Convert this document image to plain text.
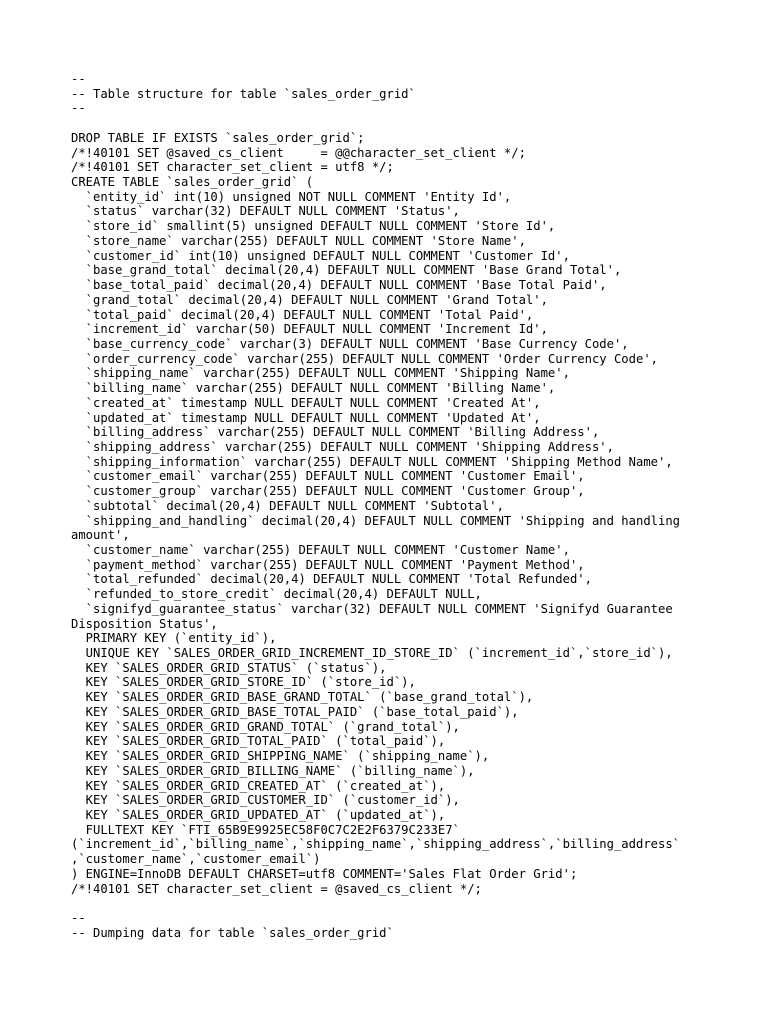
--
-- Table structure for table `sales_order_grid`
--
DROP TABLE IF EXISTS `sales_order_grid`;
/*!40101 SET @saved_cs_client     = @@character_set_client */;
/*!40101 SET character_set_client = utf8 */;
CREATE TABLE `sales_order_grid` (
`entity_id` int(10) unsigned NOT NULL COMMENT 'Entity Id',
`status` varchar(32) DEFAULT NULL COMMENT 'Status',
`store_id` smallint(5) unsigned DEFAULT NULL COMMENT 'Store Id',
`store_name` varchar(255) DEFAULT NULL COMMENT 'Store Name',
`customer_id` int(10) unsigned DEFAULT NULL COMMENT 'Customer Id',
`base_grand_total` decimal(20,4) DEFAULT NULL COMMENT 'Base Grand Total',
`base_total_paid` decimal(20,4) DEFAULT NULL COMMENT 'Base Total Paid',
`grand_total` decimal(20,4) DEFAULT NULL COMMENT 'Grand Total',
`total_paid` decimal(20,4) DEFAULT NULL COMMENT 'Total Paid',
`increment_id` varchar(50) DEFAULT NULL COMMENT 'Increment Id',
`base_currency_code` varchar(3) DEFAULT NULL COMMENT 'Base Currency Code',
`order_currency_code` varchar(255) DEFAULT NULL COMMENT 'Order Currency Code',
`shipping_name` varchar(255) DEFAULT NULL COMMENT 'Shipping Name',
`billing_name` varchar(255) DEFAULT NULL COMMENT 'Billing Name',
`created_at` timestamp NULL DEFAULT NULL COMMENT 'Created At',
`updated_at` timestamp NULL DEFAULT NULL COMMENT 'Updated At',
`billing_address` varchar(255) DEFAULT NULL COMMENT 'Billing Address',
`shipping_address` varchar(255) DEFAULT NULL COMMENT 'Shipping Address',
`shipping_information` varchar(255) DEFAULT NULL COMMENT 'Shipping Method Name',
`customer_email` varchar(255) DEFAULT NULL COMMENT 'Customer Email',
`customer_group` varchar(255) DEFAULT NULL COMMENT 'Customer Group',
`subtotal` decimal(20,4) DEFAULT NULL COMMENT 'Subtotal',
`shipping_and_handling` decimal(20,4) DEFAULT NULL COMMENT 'Shipping and handling
amount',
`customer_name` varchar(255) DEFAULT NULL COMMENT 'Customer Name',
`payment_method` varchar(255) DEFAULT NULL COMMENT 'Payment Method',
`total_refunded` decimal(20,4) DEFAULT NULL COMMENT 'Total Refunded',
`refunded_to_store_credit` decimal(20,4) DEFAULT NULL,
`signifyd_guarantee_status` varchar(32) DEFAULT NULL COMMENT 'Signifyd Guarantee
Disposition Status',
PRIMARY KEY (`entity_id`),
UNIQUE KEY `SALES_ORDER_GRID_INCREMENT_ID_STORE_ID` (`increment_id`,`store_id`),
KEY `SALES_ORDER_GRID_STATUS` (`status`),
KEY `SALES_ORDER_GRID_STORE_ID` (`store_id`),
KEY `SALES_ORDER_GRID_BASE_GRAND_TOTAL` (`base_grand_total`),
KEY `SALES_ORDER_GRID_BASE_TOTAL_PAID` (`base_total_paid`),
KEY `SALES_ORDER_GRID_GRAND_TOTAL` (`grand_total`),
KEY `SALES_ORDER_GRID_TOTAL_PAID` (`total_paid`),
KEY `SALES_ORDER_GRID_SHIPPING_NAME` (`shipping_name`),
KEY `SALES_ORDER_GRID_BILLING_NAME` (`billing_name`),
KEY `SALES_ORDER_GRID_CREATED_AT` (`created_at`),
KEY `SALES_ORDER_GRID_CUSTOMER_ID` (`customer_id`),
KEY `SALES_ORDER_GRID_UPDATED_AT` (`updated_at`),
FULLTEXT KEY `FTI_65B9E9925EC58F0C7C2E2F6379C233E7`
(`increment_id`,`billing_name`,`shipping_name`,`shipping_address`,`billing_address`
,`customer_name`,`customer_email`)
) ENGINE=InnoDB DEFAULT CHARSET=utf8 COMMENT='Sales Flat Order Grid';
/*!40101 SET character_set_client = @saved_cs_client */;
--
-- Dumping data for table `sales_order_grid`
